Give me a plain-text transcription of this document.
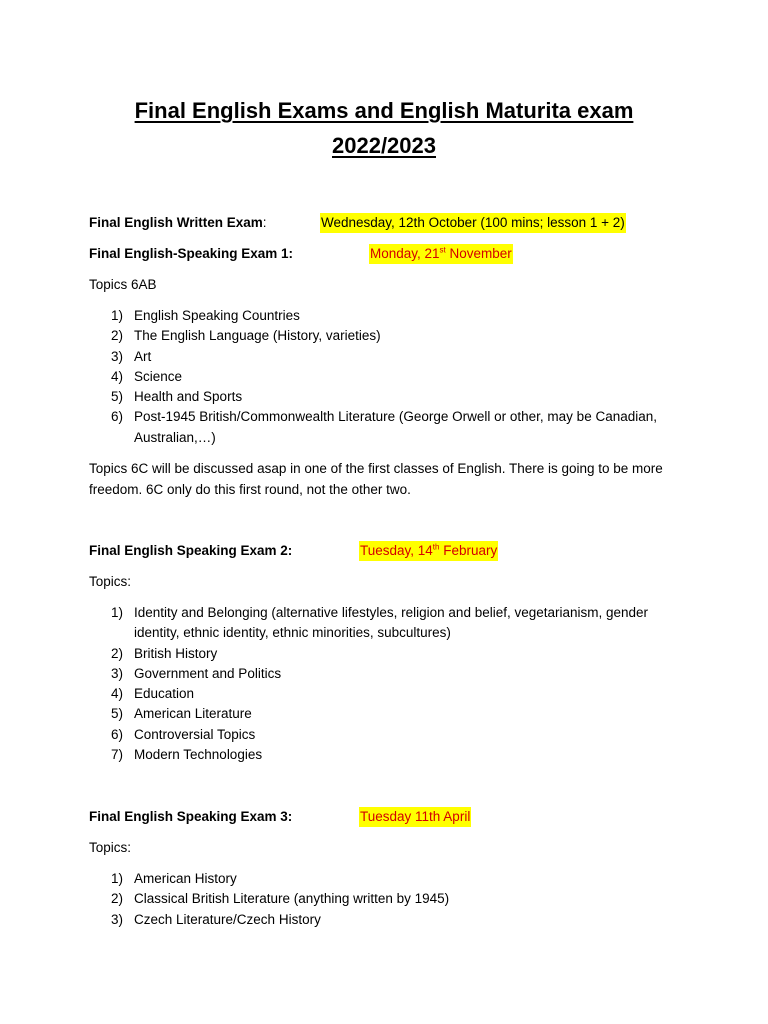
Final English Exams and English Maturita exam
2022/2023
Final English Written Exam:	Wednesday, 12th October (100 mins; lesson 1 + 2)
Final English-Speaking Exam 1:	Monday, 21st November
Topics 6AB
1) English Speaking Countries
2) The English Language (History, varieties)
3) Art
4) Science
5) Health and Sports
6) Post-1945 British/Commonwealth Literature (George Orwell or other, may be Canadian, Australian,…)
Topics 6C will be discussed asap in one of the first classes of English. There is going to be more freedom. 6C only do this first round, not the other two.
Final English Speaking Exam 2:	Tuesday, 14th February
Topics:
1) Identity and Belonging (alternative lifestyles, religion and belief, vegetarianism, gender identity, ethnic identity, ethnic minorities, subcultures)
2) British History
3) Government and Politics
4) Education
5) American Literature
6) Controversial Topics
7) Modern Technologies
Final English Speaking Exam 3:	Tuesday 11th April
Topics:
1) American History
2) Classical British Literature (anything written by 1945)
3) Czech Literature/Czech History
